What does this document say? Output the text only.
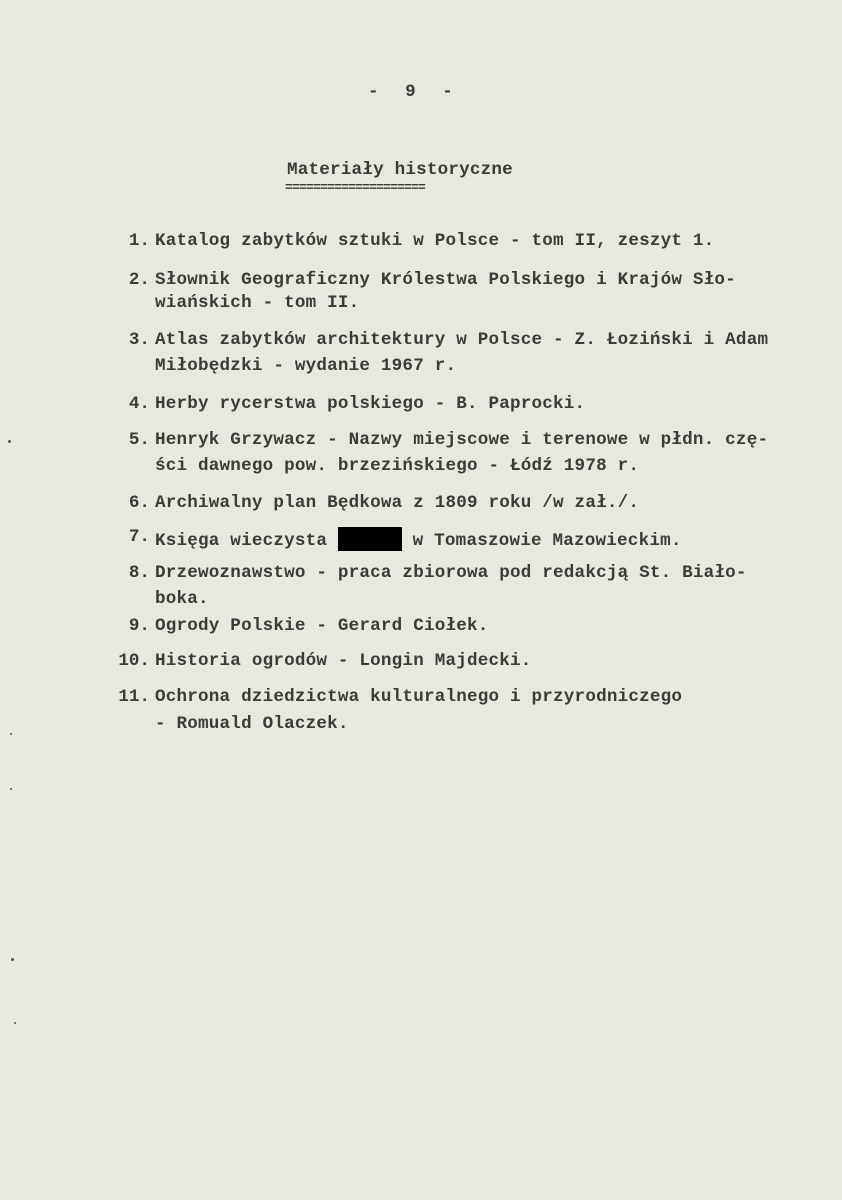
- 9 -
Materiały historyczne
====================
1. Katalog zabytków sztuki w Polsce - tom II, zeszyt 1.
2. Słownik Geograficzny Królestwa Polskiego i Krajów Sło-
wiańskich - tom II.
3. Atlas zabytków architektury w Polsce - Z. Łoziński i Adam
Miłobędzki - wydanie 1967 r.
4. Herby rycerstwa polskiego - B. Paprocki.
5. Henryk Grzywacz - Nazwy miejscowe i terenowe w płdn. czę-
ści dawnego pow. brzezińskiego - Łódź 1978 r.
6. Archiwalny plan Będkowa z 1809 roku /w zał./.
7. Księga wieczysta	w Tomaszowie Mazowieckim.
8. Drzewoznawstwo - praca zbiorowa pod redakcją St. Biało-
boka.
9. Ogrody Polskie - Gerard Ciołek.
10. Historia ogrodów - Longin Majdecki.
11. Ochrona dziedzictwa kulturalnego i przyrodniczego
- Romuald Olaczek.
